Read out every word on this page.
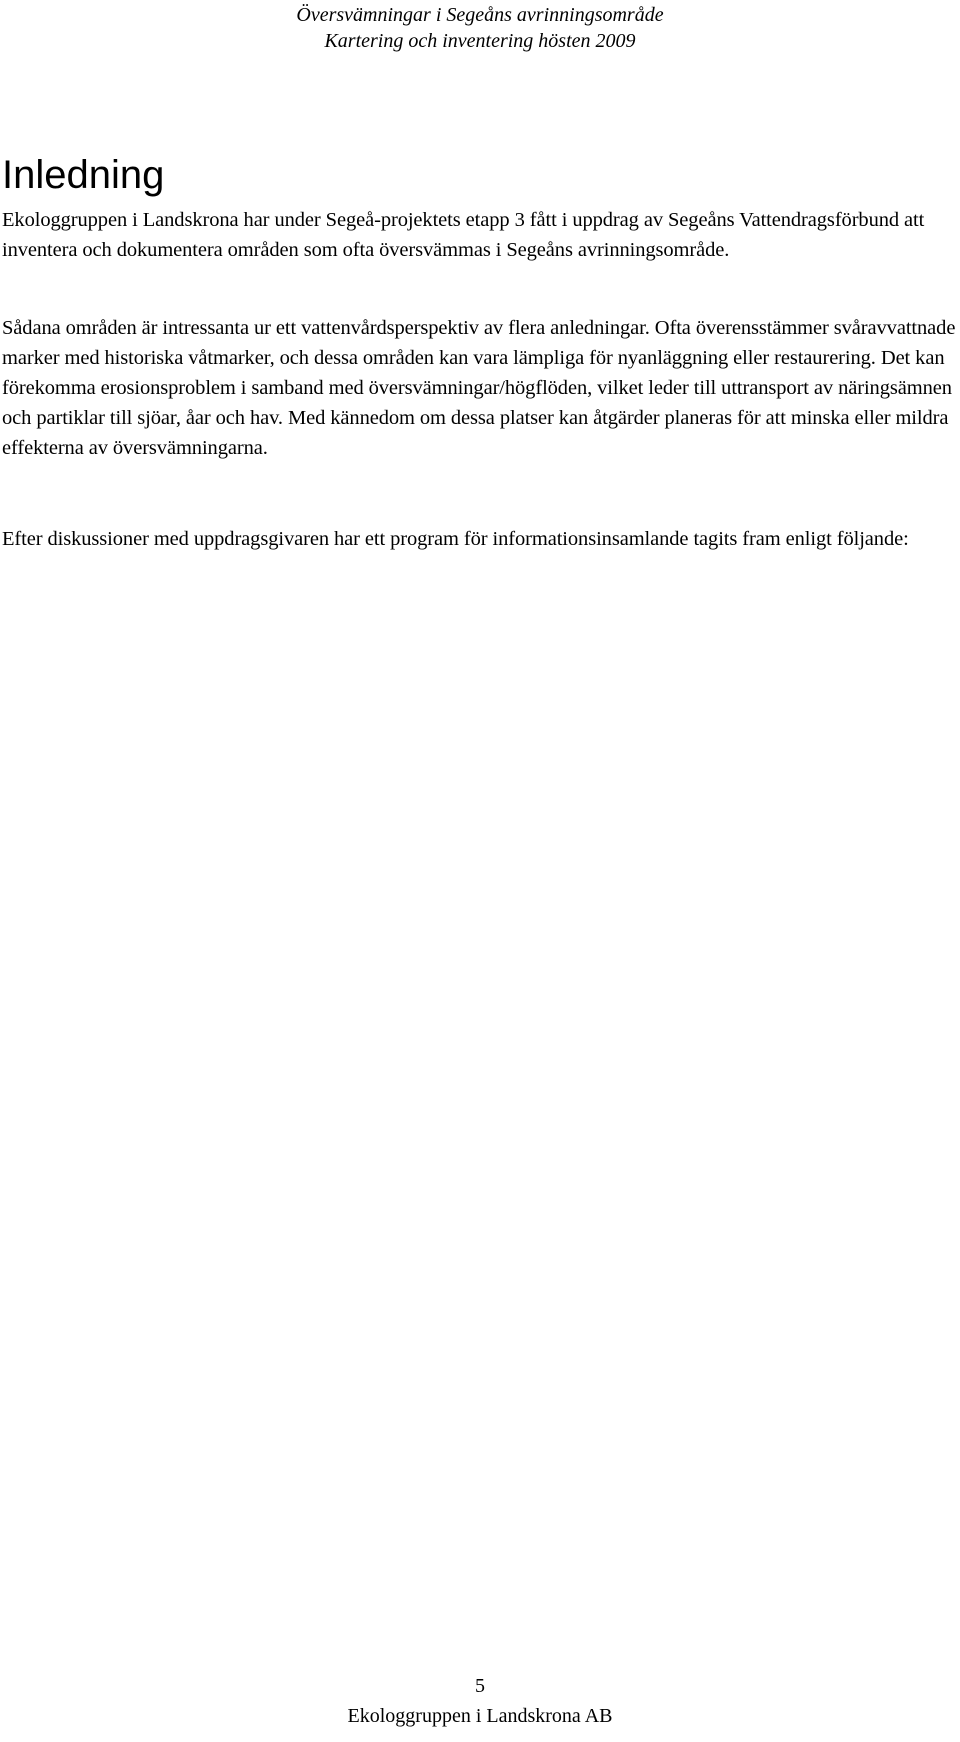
Översvämningar i Segeåns avrinningsområde
Kartering och inventering hösten 2009
Inledning

Ekologgruppen i Landskrona har under Segeå-projektets etapp 3 fått i uppdrag av Segeåns Vattendragsförbund att inventera och dokumentera områden som ofta översvämmas i Segeåns avrinningsområde.

Sådana områden är intressanta ur ett vattenvårdsperspektiv av flera anledningar. Ofta överensstämmer svåravvattnade marker med historiska våtmarker, och dessa områden kan vara lämpliga för nyanläggning eller restaurering. Det kan förekomma erosionsproblem i samband med översvämningar/högflöden, vilket leder till uttransport av näringsämnen och partiklar till sjöar, åar och hav. Med kännedom om dessa platser kan åtgärder planeras för att minska eller mildra effekterna av översvämningarna.

Efter diskussioner med uppdragsgivaren har ett program för informationsinsamlande tagits fram enligt följande:

5
Ekologgruppen i Landskrona AB
